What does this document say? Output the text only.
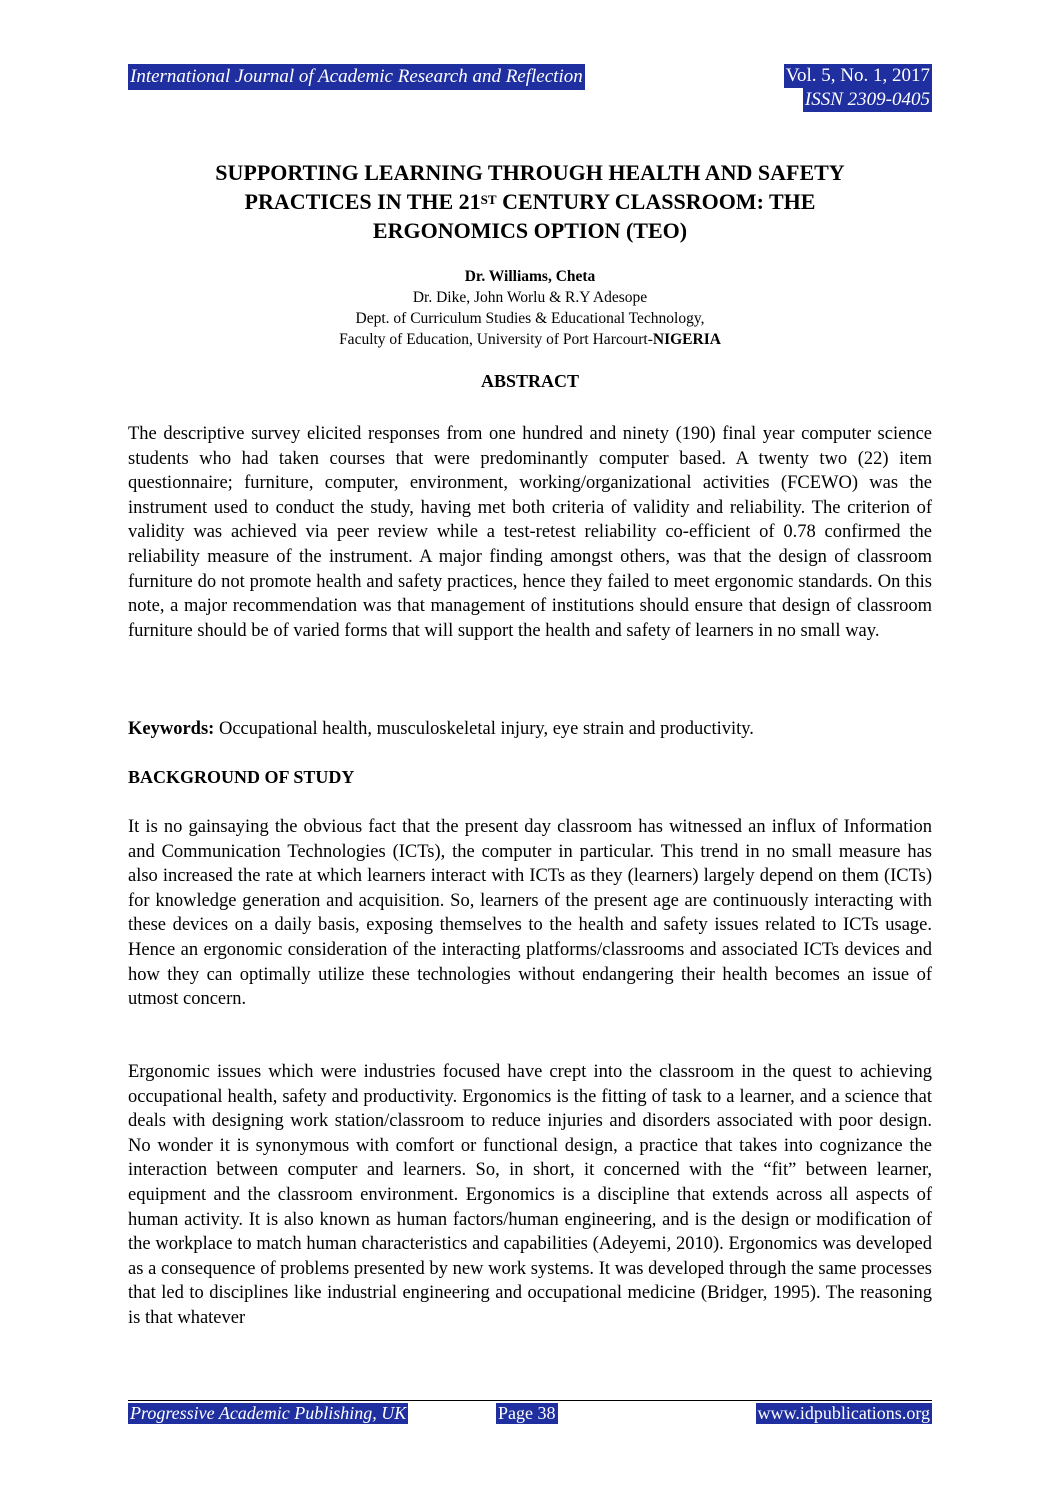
International Journal of Academic Research and Reflection	Vol. 5, No. 1, 2017
ISSN 2309-0405
SUPPORTING LEARNING THROUGH HEALTH AND SAFETY
PRACTICES IN THE 21ST CENTURY CLASSROOM: THE
ERGONOMICS OPTION (TEO)
Dr. Williams, Cheta
Dr. Dike, John Worlu & R.Y Adesope
Dept. of Curriculum Studies & Educational Technology,
Faculty of Education, University of Port Harcourt-NIGERIA
ABSTRACT

The descriptive survey elicited responses from one hundred and ninety (190) final year computer science students who had taken courses that were predominantly computer based. A twenty two (22) item questionnaire; furniture, computer, environment, working/organizational activities (FCEWO) was the instrument used to conduct the study, having met both criteria of validity and reliability. The criterion of validity was achieved via peer review while a test-retest reliability co-efficient of 0.78 confirmed the reliability measure of the instrument. A major finding amongst others, was that the design of classroom furniture do not promote health and safety practices, hence they failed to meet ergonomic standards. On this note, a major recommendation was that management of institutions should ensure that design of classroom furniture should be of varied forms that will support the health and safety of learners in no small way.

Keywords: Occupational health, musculoskeletal injury, eye strain and productivity.

BACKGROUND OF STUDY

It is no gainsaying the obvious fact that the present day classroom has witnessed an influx of Information and Communication Technologies (ICTs), the computer in particular. This trend in no small measure has also increased the rate at which learners interact with ICTs as they (learners) largely depend on them (ICTs) for knowledge generation and acquisition. So, learners of the present age are continuously interacting with these devices on a daily basis, exposing themselves to the health and safety issues related to ICTs usage. Hence an ergonomic consideration of the interacting platforms/classrooms and associated ICTs devices and how they can optimally utilize these technologies without endangering their health becomes an issue of utmost concern.

Ergonomic issues which were industries focused have crept into the classroom in the quest to achieving occupational health, safety and productivity. Ergonomics is the fitting of task to a learner, and a science that deals with designing work station/classroom to reduce injuries and disorders associated with poor design. No wonder it is synonymous with comfort or functional design, a practice that takes into cognizance the interaction between computer and learners. So, in short, it concerned with the “fit” between learner, equipment and the classroom environment. Ergonomics is a discipline that extends across all aspects of human activity. It is also known as human factors/human engineering, and is the design or modification of the workplace to match human characteristics and capabilities (Adeyemi, 2010). Ergonomics was developed as a consequence of problems presented by new work systems. It was developed through the same processes that led to disciplines like industrial engineering and occupational medicine (Bridger, 1995). The reasoning is that whatever

Progressive Academic Publishing, UK	Page 38	www.idpublications.org
